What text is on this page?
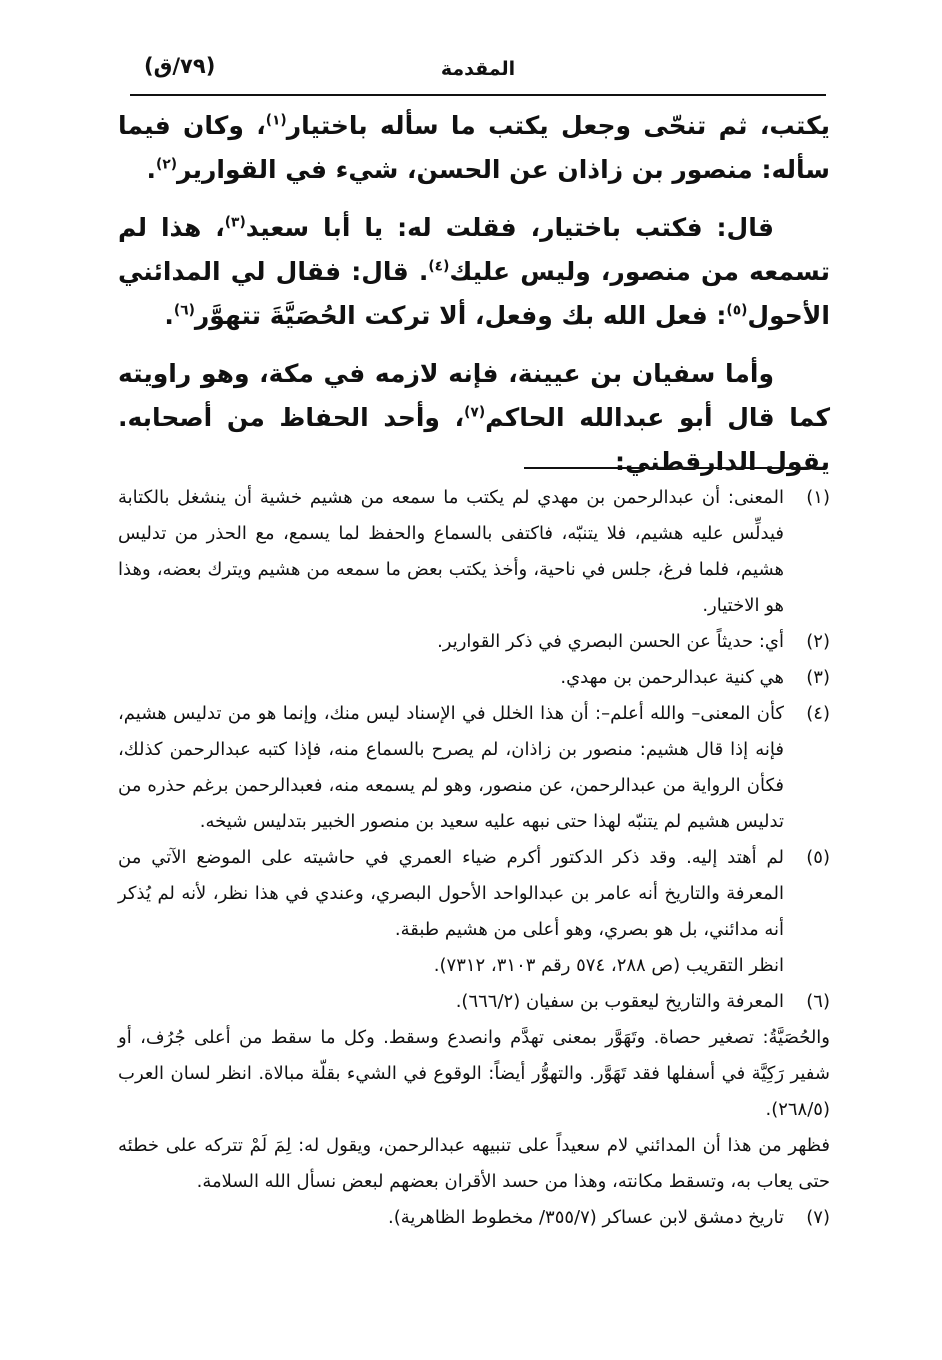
المقدمة
(٧٩/ق)

يكتب، ثم تنحّى وجعل يكتب ما سأله باختيار$^{(١)}$، وكان فيما سأله: منصور بن زاذان عن الحسن، شيء في القوارير$^{(٢)}$.

قال: فكتب باختيار، فقلت له: يا أبا سعيد$^{(٣)}$، هذا لم تسمعه من منصور، وليس عليك$^{(٤)}$. قال: فقال لي المدائني الأحول$^{(٥)}$: فعل الله بك وفعل، ألا تركت الحُصَيَّةَ تتهوَّر$^{(٦)}$.

وأما سفيان بن عيينة، فإنه لازمه في مكة، وهو راويته كما قال أبو عبدالله الحاكم$^{(٧)}$، وأحد الحفاظ من أصحابه. يقول الدارقطني:

(١)
المعنى: أن عبدالرحمن بن مهدي لم يكتب ما سمعه من هشيم خشية أن ينشغل بالكتابة فيدلِّس عليه هشيم، فلا يتنبّه، فاكتفى بالسماع والحفظ لما يسمع، مع الحذر من تدليس هشيم، فلما فرغ، جلس في ناحية، وأخذ يكتب بعض ما سمعه من هشيم ويترك بعضه، وهذا هو الاختيار.
(٢)
أي: حديثاً عن الحسن البصري في ذكر القوارير.
(٣)
هي كنية عبدالرحمن بن مهدي.
(٤)
كأن المعنى– والله أعلم–: أن هذا الخلل في الإسناد ليس منك، وإنما هو من تدليس هشيم، فإنه إذا قال هشيم: منصور بن زاذان، لم يصرح بالسماع منه، فإذا كتبه عبدالرحمن كذلك، فكأن الرواية من عبدالرحمن، عن منصور، وهو لم يسمعه منه، فعبدالرحمن برغم حذره من تدليس هشيم لم يتنبّه لهذا حتى نبهه عليه سعيد بن منصور الخبير بتدليس شيخه.
(٥)

لم أهتد إليه. وقد ذكر الدكتور أكرم ضياء العمري في حاشيته على الموضع الآتي من المعرفة والتاريخ أنه عامر بن عبدالواحد الأحول البصري، وعندي في هذا نظر، لأنه لم يُذكر أنه مدائني، بل هو بصري، وهو أعلى من هشيم طبقة.

انظر التقريب (ص ٢٨٨، ٥٧٤ رقم ٣١٠٣، ٧٣١٢).

(٦)
المعرفة والتاريخ ليعقوب بن سفيان (٦٦٦/٢).

والحُصَيَّةُ: تصغير حصاة. وتَهَوَّر بمعنى تهدَّم وانصدع وسقط. وكل ما سقط من أعلى جُرُف، أو شفير رَكِيَّة في أسفلها فقد تَهَوَّر. والتهوُّر أيضاً: الوقوع في الشيء بقلّة مبالاة. انظر لسان العرب (٢٦٨/٥).

فظهر من هذا أن المدائني لام سعيداً على تنبيهه عبدالرحمن، ويقول له: لِمَ لَمْ تتركه على خطئه حتى يعاب به، وتسقط مكانته، وهذا من حسد الأقران بعضهم لبعض نسأل الله السلامة.

(٧)
تاريخ دمشق لابن عساكر (٣٥٥/٧/ مخطوط الظاهرية).
